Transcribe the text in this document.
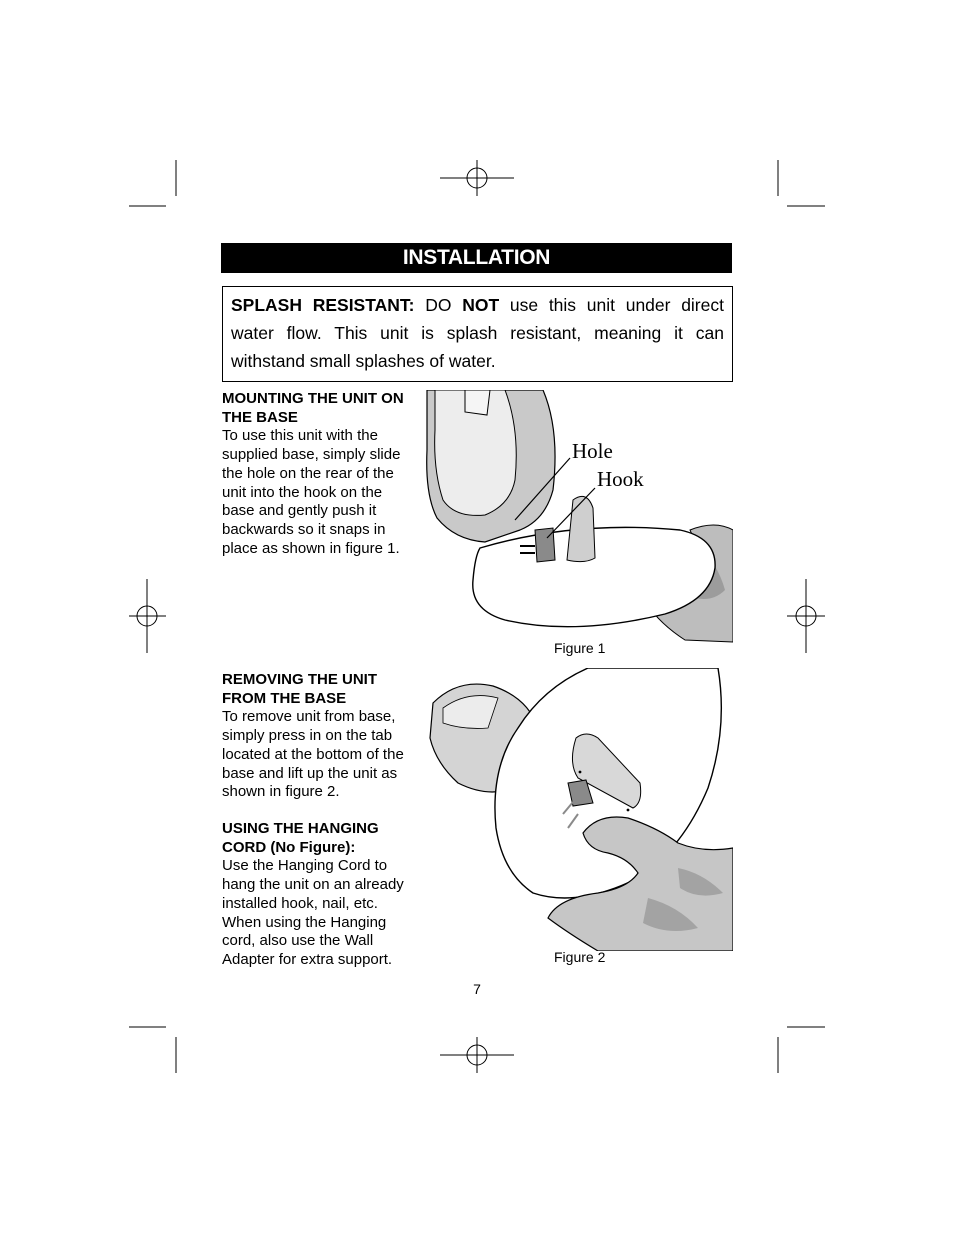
INSTALLATION
SPLASH RESISTANT: DO NOT use this unit under direct water flow. This unit is splash resistant, meaning it can withstand small splashes of water.
MOUNTING THE UNIT ON THE BASE

To use this unit with the supplied base, simply slide the hole on the rear of the unit into the hook on the base and gently push it backwards so it snaps in place as shown in figure 1.

REMOVING THE UNIT FROM THE BASE

To remove unit from base, simply press in on the tab located at the bottom of the base and lift up the unit as shown in figure 2.

USING THE HANGING CORD (No Figure):

Use the Hanging Cord to hang the unit on an already installed hook, nail, etc. When using the Hanging cord, also use the Wall Adapter for extra support.

Hole
Hook
Figure 1
Figure 2
7
